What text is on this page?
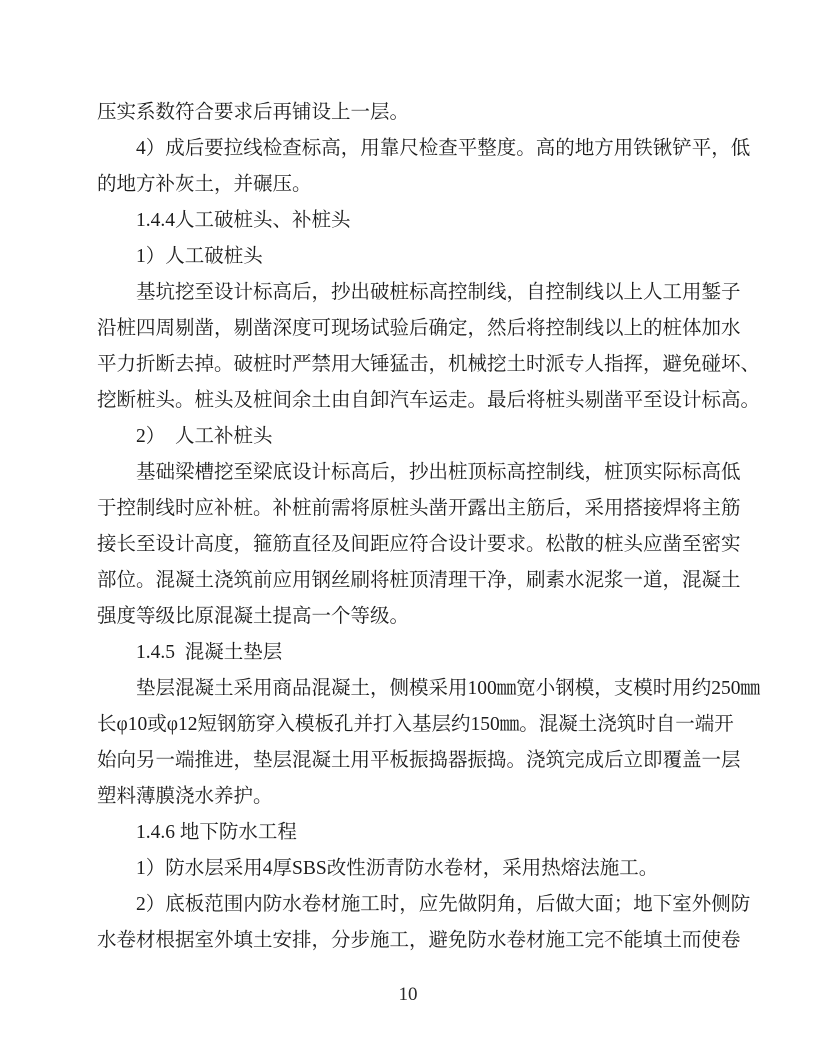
压实系数符合要求后再铺设上一层。
4）成后要拉线检查标高，用靠尺检查平整度。高的地方用铁锹铲平，低
的地方补灰土，并碾压。
1.4.4人工破桩头、补桩头
1）人工破桩头
基坑挖至设计标高后，抄出破桩标高控制线，自控制线以上人工用錾子
沿桩四周剔凿，剔凿深度可现场试验后确定，然后将控制线以上的桩体加水
平力折断去掉。破桩时严禁用大锤猛击，机械挖土时派专人指挥，避免碰坏、
挖断桩头。桩头及桩间余土由自卸汽车运走。最后将桩头剔凿平至设计标高。
2）　人工补桩头
基础梁槽挖至梁底设计标高后，抄出桩顶标高控制线，桩顶实际标高低
于控制线时应补桩。补桩前需将原桩头凿开露出主筋后，采用搭接焊将主筋
接长至设计高度，箍筋直径及间距应符合设计要求。松散的桩头应凿至密实
部位。混凝土浇筑前应用钢丝刷将桩顶清理干净，刷素水泥浆一道，混凝土
强度等级比原混凝土提高一个等级。
1.4.5  混凝土垫层
垫层混凝土采用商品混凝土，侧模采用100㎜宽小钢模，支模时用约250㎜
长φ10或φ12短钢筋穿入模板孔并打入基层约150㎜。混凝土浇筑时自一端开
始向另一端推进，垫层混凝土用平板振捣器振捣。浇筑完成后立即覆盖一层
塑料薄膜浇水养护。
1.4.6 地下防水工程
1）防水层采用4厚SBS改性沥青防水卷材，采用热熔法施工。
2）底板范围内防水卷材施工时，应先做阴角，后做大面；地下室外侧防
水卷材根据室外填土安排，分步施工，避免防水卷材施工完不能填土而使卷
10
